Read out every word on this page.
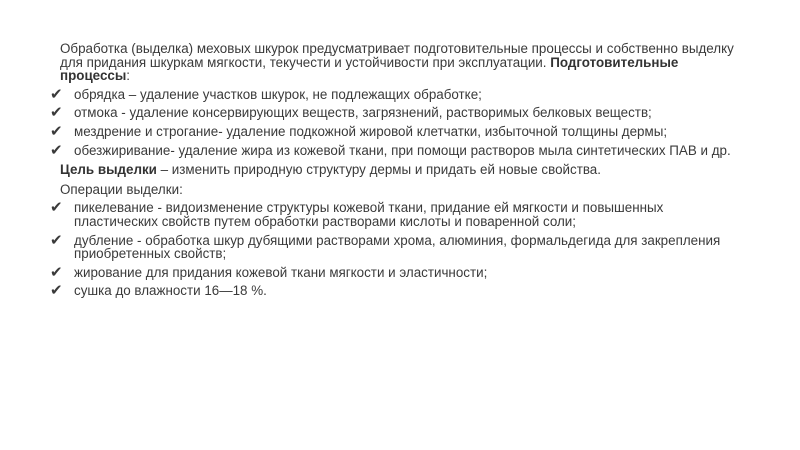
Обработка (выделка) меховых шкурок предусматривает подготовительные процессы и собственно выделку для придания шкуркам мягкости, текучести и устойчивости при эксплуатации. Подготовительные процессы:

✔ обрядка – удаление участков шкурок, не подлежащих обработке;
✔ отмока - удаление консервирующих веществ, загрязнений, растворимых белковых веществ;
✔ мездрение и строгание- удаление подкожной жировой клетчатки, избыточной толщины дермы;
✔ обезжиривание- удаление жира из кожевой ткани, при помощи растворов мыла синтетических ПАВ и др.

Цель выделки – изменить природную структуру дермы и придать ей новые свойства.

Операции выделки:

✔ пикелевание - видоизменение структуры кожевой ткани, придание ей мягкости и повышенных пластических свойств путем обработки растворами кислоты и поваренной соли;
✔ дубление - обработка шкур дубящими растворами хрома, алюминия, формальдегида для закрепления приобретенных свойств;
✔ жирование для придания кожевой ткани мягкости и эластичности;
✔ сушка до влажности 16—18 %.
